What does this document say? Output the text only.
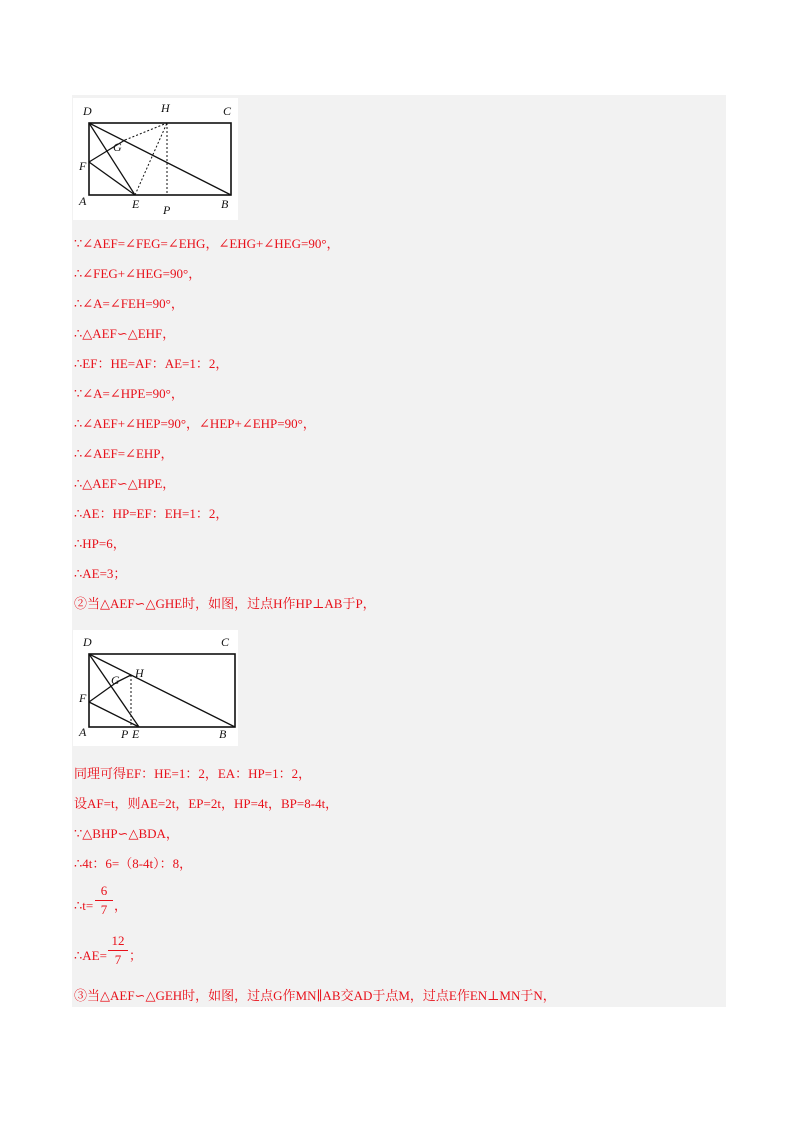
D	H	C
G
F
A	E P	B
∵∠AEF=∠FEG=∠EHG，∠EHG+∠HEG=90°，
∴∠FEG+∠HEG=90°，
∴∠A=∠FEH=90°，
∴△AEF∽△EHF，
∴EF：HE=AF：AE=1：2，
∵∠A=∠HPE=90°，
∴∠AEF+∠HEP=90°，∠HEP+∠EHP=90°，
∴∠AEF=∠EHP，
∴△AEF∽△HPE，
∴AE：HP=EF：EH=1：2，
∴HP=6，
∴AE=3；
②当△AEF∽△GHE时，如图，过点H作HP⊥AB于P，
D	C
H
G
F
A	P E	B
同理可得EF：HE=1：2，EA：HP=1：2，
设AF=t，则AE=2t，EP=2t，HP=4t，BP=8-4t，
∵△BHP∽△BDA，
∴4t：6=（8-4t）：8，
∴t=
6
7 ，
∴AE=
12
7 ；
③当△AEF∽△GEH时，如图，过点G作MN∥AB交AD于点M，过点E作EN⊥MN于N，
